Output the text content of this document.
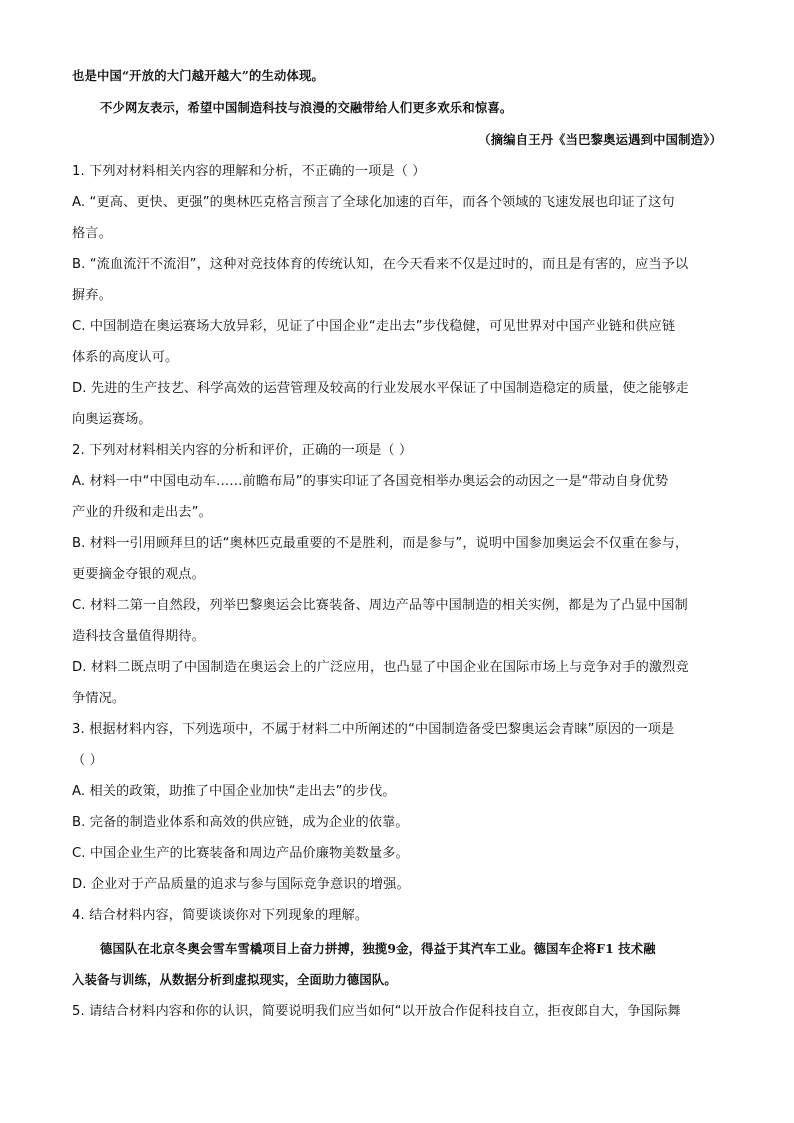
也是中国“开放的大门越开越大”的生动体现。
不少网友表示，希望中国制造科技与浪漫的交融带给人们更多欢乐和惊喜。
（摘编自王丹《当巴黎奥运遇到中国制造》）
1. 下列对材料相关内容的理解和分析，不正确的一项是（ ）
A. “更高、更快、更强”的奥林匹克格言预言了全球化加速的百年，而各个领域的飞速发展也印证了这句
格言。
B. “流血流汗不流泪”，这种对竞技体育的传统认知，在今天看来不仅是过时的，而且是有害的，应当予以
摒弃。
C. 中国制造在奥运赛场大放异彩，见证了中国企业“走出去”步伐稳健，可见世界对中国产业链和供应链
体系的高度认可。
D. 先进的生产技艺、科学高效的运营管理及较高的行业发展水平保证了中国制造稳定的质量，使之能够走
向奥运赛场。
2. 下列对材料相关内容的分析和评价，正确的一项是（ ）
A. 材料一中“中国电动车……前瞻布局”的事实印证了各国竞相举办奥运会的动因之一是“带动自身优势
产业的升级和走出去”。
B. 材料一引用顾拜旦的话“奥林匹克最重要的不是胜利，而是参与”，说明中国参加奥运会不仅重在参与，
更要摘金夺银的观点。
C. 材料二第一自然段，列举巴黎奥运会比赛装备、周边产品等中国制造的相关实例，都是为了凸显中国制
造科技含量值得期待。
D. 材料二既点明了中国制造在奥运会上的广泛应用，也凸显了中国企业在国际市场上与竞争对手的激烈竞
争情况。
3. 根据材料内容，下列选项中，不属于材料二中所阐述的“中国制造备受巴黎奥运会青睐”原因的一项是
（ ）
A. 相关的政策，助推了中国企业加快“走出去”的步伐。
B. 完备的制造业体系和高效的供应链，成为企业的依靠。
C. 中国企业生产的比赛装备和周边产品价廉物美数量多。
D. 企业对于产品质量的追求与参与国际竞争意识的增强。
4. 结合材料内容，简要谈谈你对下列现象的理解。
德国队在北京冬奥会雪车雪橇项目上奋力拼搏，独揽9金，得益于其汽车工业。德国车企将F1 技术融
入装备与训练，从数据分析到虚拟现实，全面助力德国队。
5. 请结合材料内容和你的认识，简要说明我们应当如何“以开放合作促科技自立，拒夜郎自大，争国际舞
